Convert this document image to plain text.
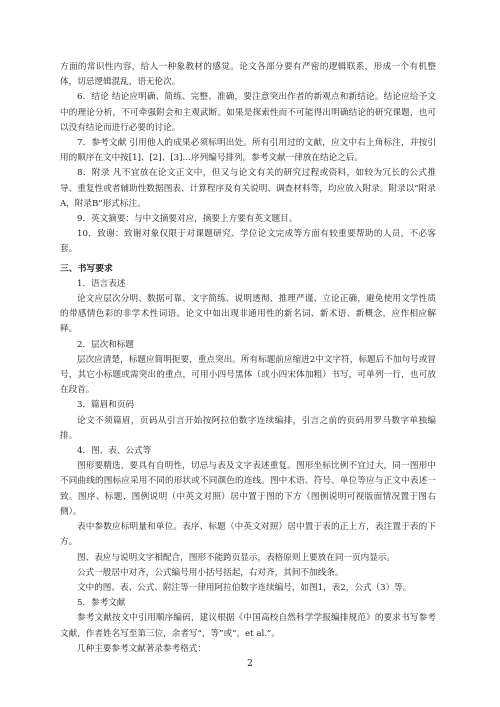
方面的常识性内容，给人一种象教材的感觉。论文各部分要有严密的逻辑联系，形成一个有机整体，切忌逻辑混乱，语无伦次。

6．结论 结论应明确、简练、完整、准确，要注意突出作者的新观点和新结论。结论应给予文中的理论分析，不可牵强附会和主观武断。如果是探索性而不可能得出明确结论的研究课题，也可以没有结论而进行必要的讨论。

7．参考文献 引用他人的成果必须标明出处。所有引用过的文献，应文中右上角标注，并按引用的顺序在文中按[1]、[2]、[3]…序列编号排列。参考文献一律放在结论之后。

8．附录 凡不宜放在论文正文中，但又与论文有关的研究过程或资料，如较为冗长的公式推导、重复性或者辅助性数据图表、计算程序及有关说明、调查材料等，均应放入附录。附录以“附录A，附录B”形式标注。

9．英文摘要：与中文摘要对应，摘要上方要有英文题目。

10．致谢：致谢对象仅限于对课题研究、学位论文完成等方面有较重要帮助的人员，不必客套。

三、书写要求

1．语言表述

论文应层次分明、数据可靠、文字简练、说明透彻、推理严谨、立论正确，避免使用文学性质的带感情色彩的非学术性词语。论文中如出现非通用性的新名词、新术语、新概念，应作相应解释。

2．层次和标题

层次应清楚，标题应简明扼要，重点突出。所有标题前应缩进2中文字符，标题后不加句号或冒号，其它小标题或需突出的重点，可用小四号黑体（或小四宋体加粗）书写，可单列一行，也可放在段首。

3．篇眉和页码

论文不须篇眉，页码从引言开始按阿拉伯数字连续编排，引言之前的页码用罗马数字单独编排。

4．图、表、公式等

图形要精选，要具有自明性，切忌与表及文字表述重复。图形坐标比例不宜过大，同一图形中不同曲线的图标应采用不同的形状或不同颜色的连线。图中术语、符号、单位等应与正文中表述一致。图序、标题、图例说明（中英文对照）居中置于图的下方（图例说明可视版面情况置于图右侧）。

表中参数应标明量和单位。表序、标题（中英文对照）居中置于表的正上方，表注置于表的下方。

图、表应与说明文字相配合，图形不能跨页显示，表格原则上要放在同一页内显示。

公式一般居中对齐，公式编号用小括号括起，右对齐，其间不加线条。

文中的图、表、公式、附注等一律用阿拉伯数字连续编号，如图1，表2，公式（3）等。

5．参考文献

参考文献按文中引用顺序编码，建议根据《中国高校自然科学学报编排规范》的要求书写参考文献，作者姓名写至第三位，余者写“，等”或“，et al.”。

几种主要参考文献著录参考格式：

2
